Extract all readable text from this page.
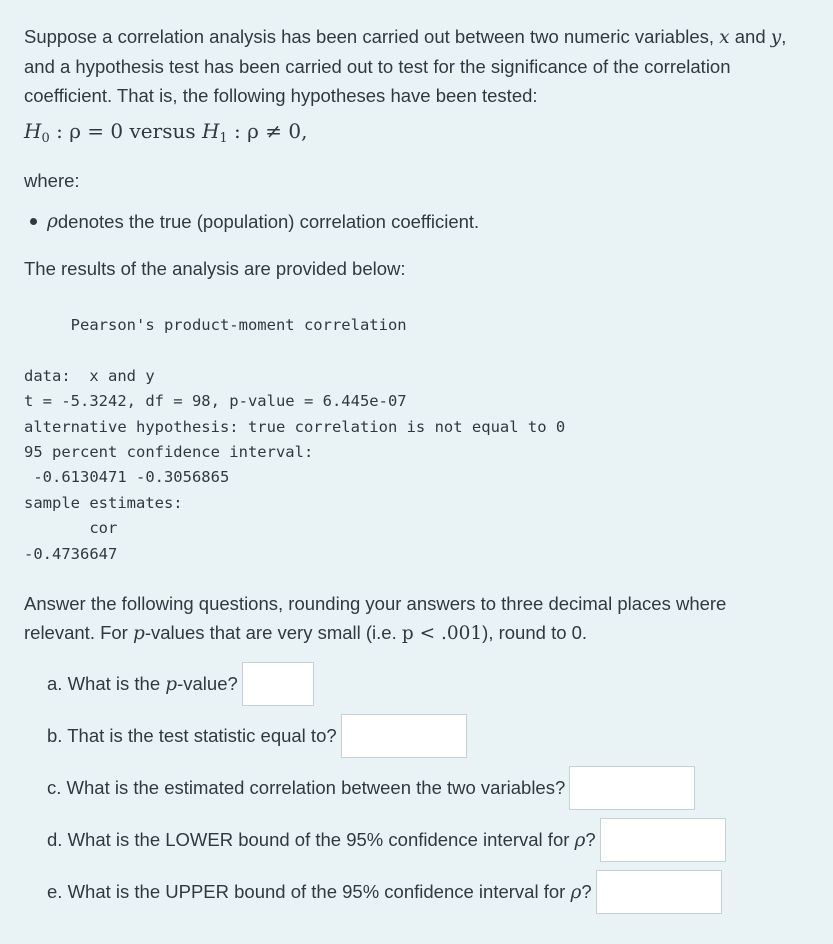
Suppose a correlation analysis has been carried out between two numeric variables, x and y,
and a hypothesis test has been carried out to test for the significance of the correlation
coefficient. That is, the following hypotheses have been tested:
$H_0$ : ρ = 0 versus $H_1$ : ρ ≠ 0,
where:
ρ denotes the true (population) correlation coefficient.
The results of the analysis are provided below:
Pearson's product-moment correlation
data:  x and y
t = -5.3242, df = 98, p-value = 6.445e-07
alternative hypothesis: true correlation is not equal to 0
95 percent confidence interval:
-0.6130471 -0.3056865
sample estimates:
cor
-0.4736647
Answer the following questions, rounding your answers to three decimal places where
relevant. For p-values that are very small (i.e. p < .001), round to 0.
a. What is the p-value?
b. That is the test statistic equal to?
c. What is the estimated correlation between the two variables?
d. What is the LOWER bound of the 95% confidence interval for ρ?
e. What is the UPPER bound of the 95% confidence interval for ρ?
